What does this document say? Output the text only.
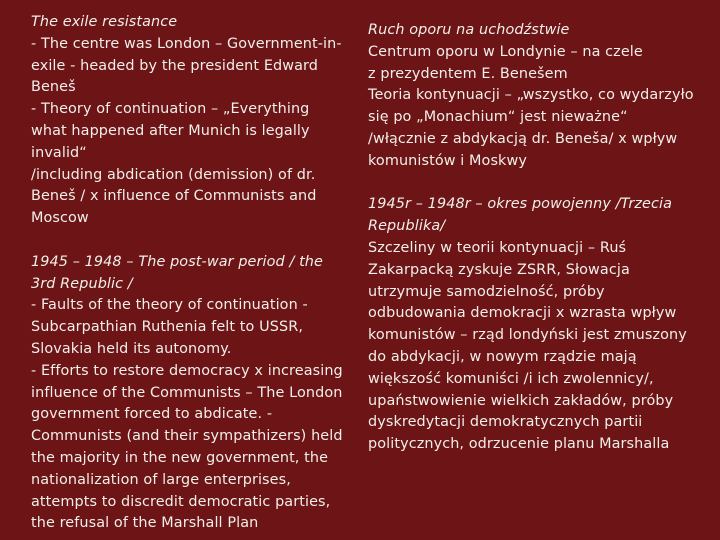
The exile resistance
- The centre was London – Government-in-
exile - headed by the president Edward
Beneš
- Theory of continuation – „Everything
what happened after Munich is legally
invalid“
/including abdication (demission) of dr.
Beneš / x influence of Communists and
Moscow
1945 – 1948 – The post-war period / the
3rd Republic /
- Faults of the theory of continuation -
Subcarpathian Ruthenia felt to USSR,
Slovakia held its autonomy.
- Efforts to restore democracy x increasing
influence of the Communists – The London
government forced to abdicate. -
Communists (and their sympathizers) held
the majority in the new government, the
nationalization of large enterprises,
attempts to discredit democratic parties,
the refusal of the Marshall Plan
Ruch oporu na uchodźstwie
Centrum oporu w Londynie – na czele
z prezydentem E. Benešem
Teoria kontynuacji – „wszystko, co wydarzyło
się po „Monachium“ jest nieważne“
/włącznie z abdykacją dr. Beneša/ x wpływ
komunistów i Moskwy
1945r – 1948r – okres powojenny /Trzecia
Republika/
Szczeliny w teorii kontynuacji – Ruś
Zakarpacką zyskuje ZSRR, Słowacja
utrzymuje samodzielność, próby
odbudowania demokracji x wzrasta wpływ
komunistów – rząd londyński jest zmuszony
do abdykacji, w nowym rządzie mają
większość komuniści /i ich zwolennicy/,
upaństwowienie wielkich zakładów, próby
dyskredytacji demokratycznych partii
politycznych, odrzucenie planu Marshalla
